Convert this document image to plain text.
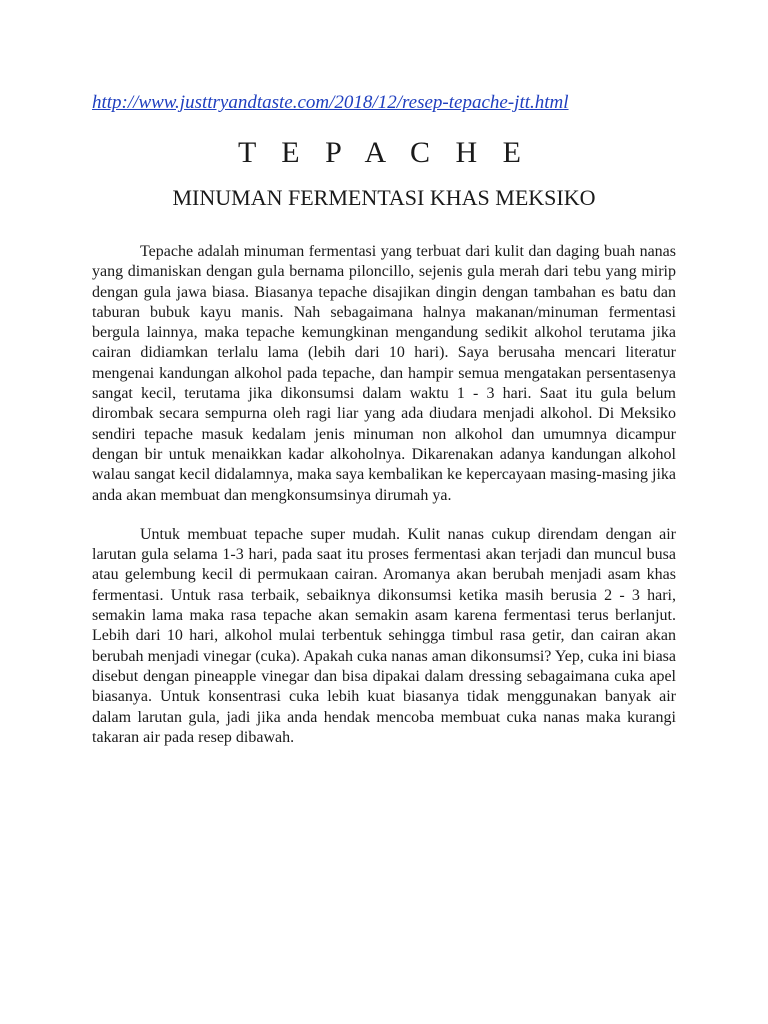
http://www.justtryandtaste.com/2018/12/resep-tepache-jtt.html
T E P A C H E
MINUMAN FERMENTASI KHAS MEKSIKO

Tepache adalah minuman fermentasi yang terbuat dari kulit dan daging buah nanas yang dimaniskan dengan gula bernama piloncillo, sejenis gula merah dari tebu yang mirip dengan gula jawa biasa. Biasanya tepache disajikan dingin dengan tambahan es batu dan taburan bubuk kayu manis. Nah sebagaimana halnya makanan/minuman fermentasi bergula lainnya, maka tepache kemungkinan mengandung sedikit alkohol terutama jika cairan didiamkan terlalu lama (lebih dari 10 hari). Saya berusaha mencari literatur mengenai kandungan alkohol pada tepache, dan hampir semua mengatakan persentasenya sangat kecil, terutama jika dikonsumsi dalam waktu 1 - 3 hari. Saat itu gula belum dirombak secara sempurna oleh ragi liar yang ada diudara menjadi alkohol. Di Meksiko sendiri tepache masuk kedalam jenis minuman non alkohol dan umumnya dicampur dengan bir untuk menaikkan kadar alkoholnya. Dikarenakan adanya kandungan alkohol walau sangat kecil didalamnya, maka saya kembalikan ke kepercayaan masing-masing jika anda akan membuat dan mengkonsumsinya dirumah ya.

Untuk membuat tepache super mudah. Kulit nanas cukup direndam dengan air larutan gula selama 1-3 hari, pada saat itu proses fermentasi akan terjadi dan muncul busa atau gelembung kecil di permukaan cairan. Aromanya akan berubah menjadi asam khas fermentasi. Untuk rasa terbaik, sebaiknya dikonsumsi ketika masih berusia 2 - 3 hari, semakin lama maka rasa tepache akan semakin asam karena fermentasi terus berlanjut. Lebih dari 10 hari, alkohol mulai terbentuk sehingga timbul rasa getir, dan cairan akan berubah menjadi vinegar (cuka). Apakah cuka nanas aman dikonsumsi? Yep, cuka ini biasa disebut dengan pineapple vinegar dan bisa dipakai dalam dressing sebagaimana cuka apel biasanya. Untuk konsentrasi cuka lebih kuat biasanya tidak menggunakan banyak air dalam larutan gula, jadi jika anda hendak mencoba membuat cuka nanas maka kurangi takaran air pada resep dibawah.
